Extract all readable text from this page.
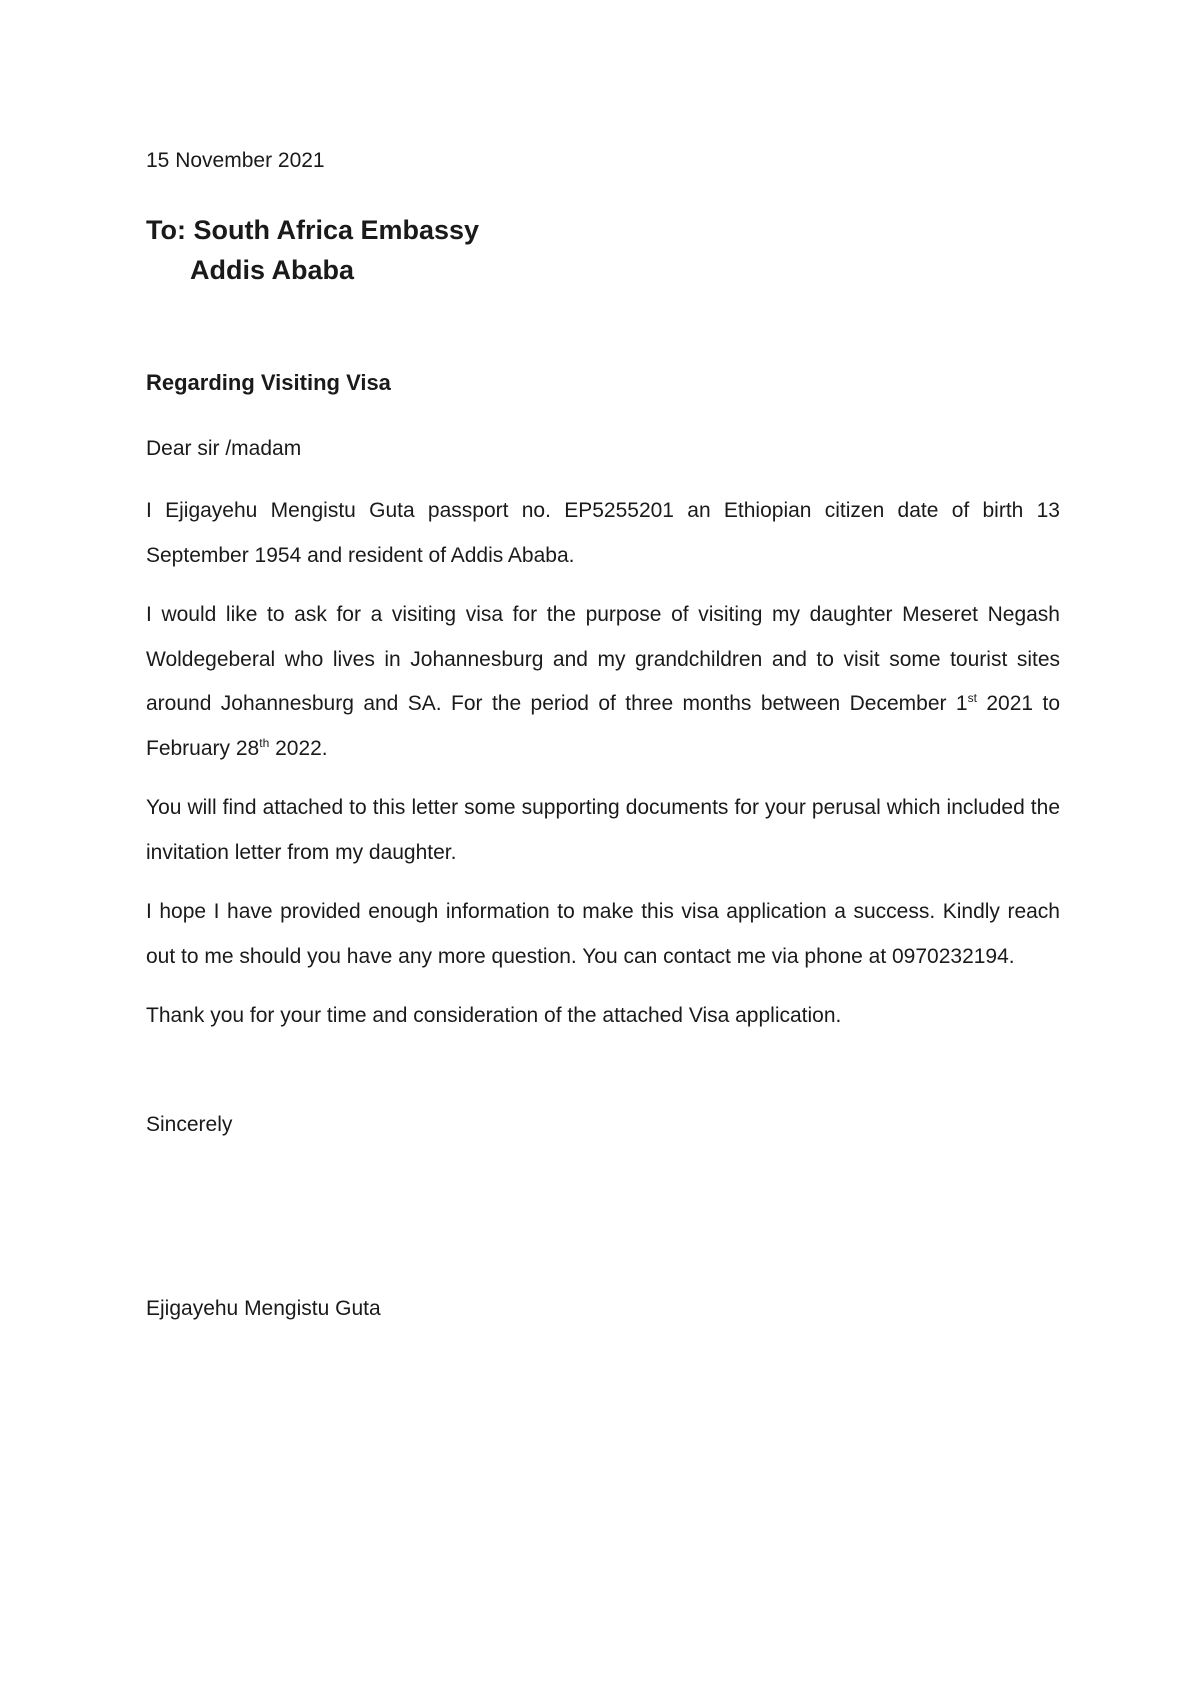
15 November 2021
To: South Africa Embassy
Addis Ababa
Regarding Visiting Visa
Dear sir /madam

I Ejigayehu Mengistu Guta passport no. EP5255201 an Ethiopian citizen date of birth 13 September 1954 and resident of Addis Ababa.

I would like to ask for a visiting visa for the purpose of visiting my daughter Meseret Negash Woldegeberal who lives in Johannesburg and my grandchildren and to visit some tourist sites around Johannesburg and SA. For the period of three months between December 1st 2021 to February 28th 2022.

You will find attached to this letter some supporting documents for your perusal which included the invitation letter from my daughter.

I hope I have provided enough information to make this visa application a success. Kindly reach out to me should you have any more question. You can contact me via phone at 0970232194.

Thank you for your time and consideration of the attached Visa application.

Sincerely
Ejigayehu Mengistu Guta
